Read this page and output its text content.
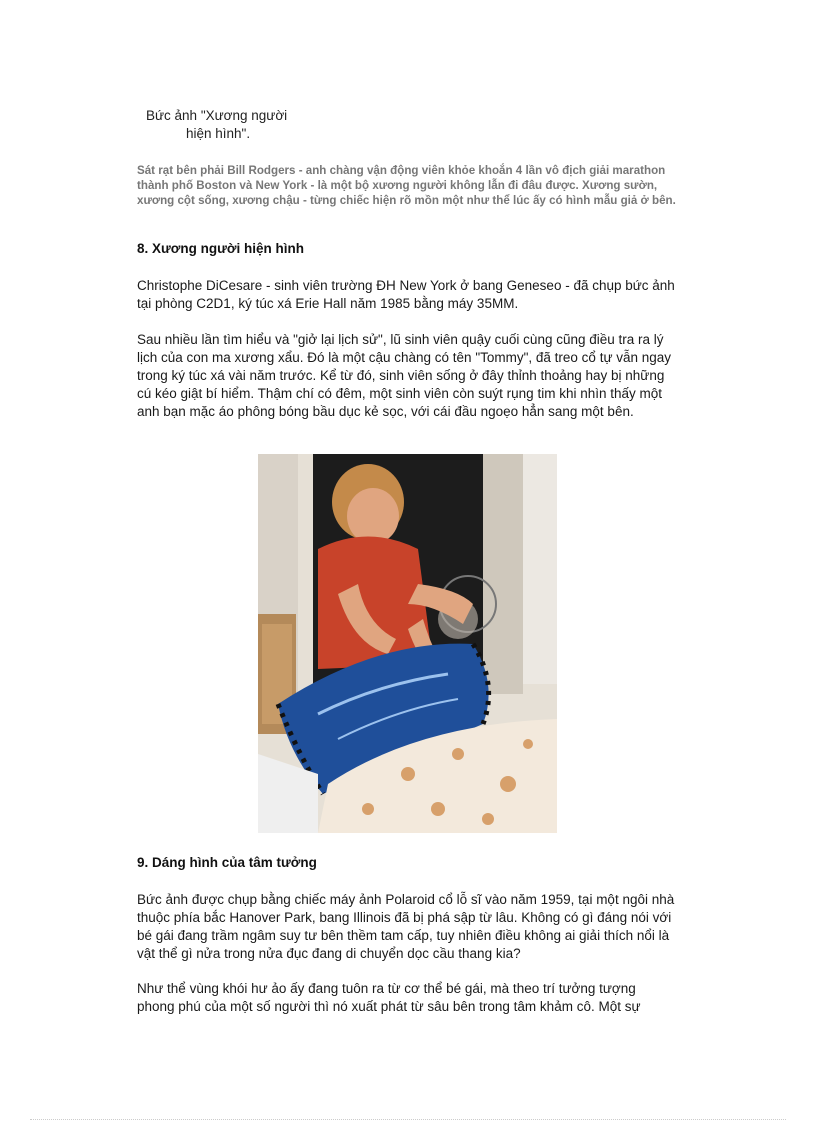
Bức ảnh "Xương người
hiện hình".
Sát rạt bên phải Bill Rodgers - anh chàng vận động viên khỏe khoắn 4 lần vô địch giải marathon thành phố Boston và New York - là một bộ xương người không lẫn đi đâu được. Xương sườn, xương cột sống, xương chậu - từng chiếc hiện rõ mồn một như thể lúc ấy có hình mẫu giả ở bên.
8. Xương người hiện hình

Christophe DiCesare - sinh viên trường ĐH New York ở bang Geneseo - đã chụp bức ảnh tại phòng C2D1, ký túc xá Erie Hall năm 1985 bằng máy 35MM.

Sau nhiều lần tìm hiểu và "giở lại lịch sử", lũ sinh viên quậy cuối cùng cũng điều tra ra lý lịch của con ma xương xẩu. Đó là một cậu chàng có tên "Tommy", đã treo cổ tự vẫn ngay trong ký túc xá vài năm trước. Kể từ đó, sinh viên sống ở đây thỉnh thoảng hay bị những cú kéo giật bí hiểm. Thậm chí có đêm, một sinh viên còn suýt rụng tim khi nhìn thấy một anh bạn mặc áo phông bóng bầu dục kẻ sọc, với cái đầu ngoẹo hẳn sang một bên.

9. Dáng hình của tâm tưởng

Bức ảnh được chụp bằng chiếc máy ảnh Polaroid cổ lỗ sĩ vào năm 1959, tại một ngôi nhà thuộc phía bắc Hanover Park, bang Illinois đã bị phá sập từ lâu. Không có gì đáng nói với bé gái đang trầm ngâm suy tư bên thềm tam cấp, tuy nhiên điều không ai giải thích nổi là vật thể gì nửa trong nửa đục đang di chuyển dọc cầu thang kia?

Như thể vùng khói hư ảo ấy đang tuôn ra từ cơ thể bé gái, mà theo trí tưởng tượng phong phú của một số người thì nó xuất phát từ sâu bên trong tâm khảm cô. Một sự
